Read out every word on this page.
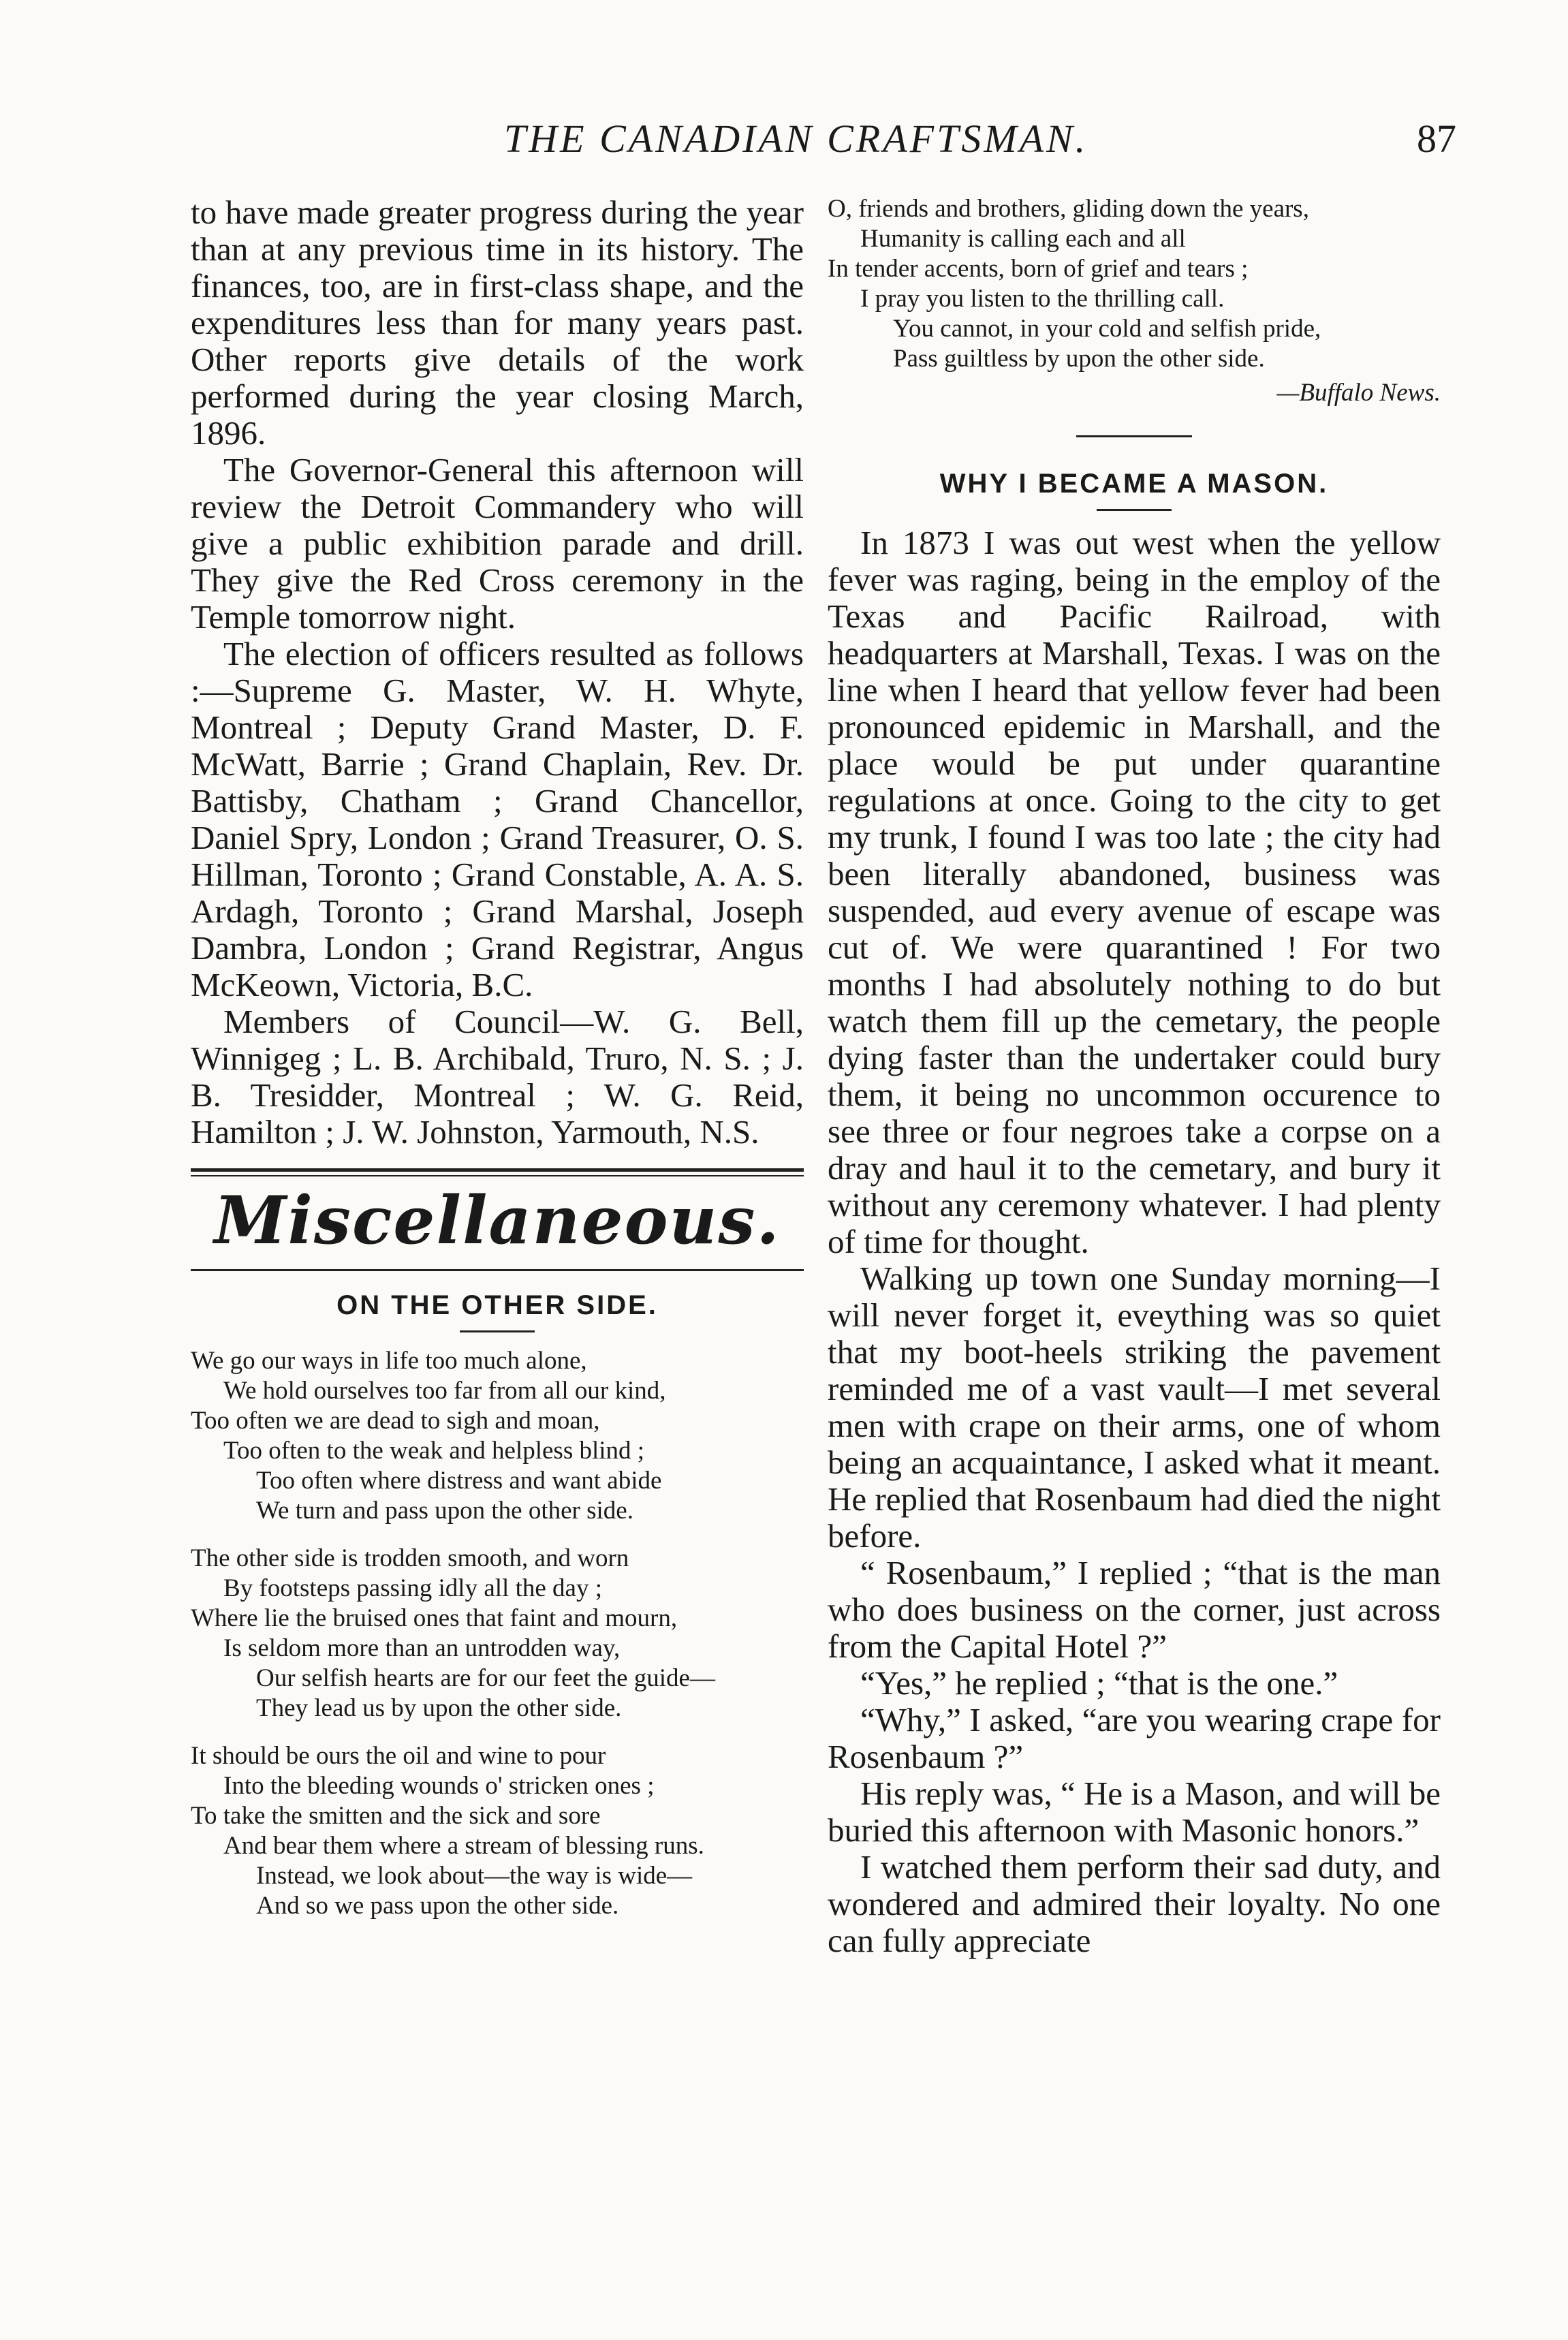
THE CANADIAN CRAFTSMAN.	87

to have made greater progress during the year than at any previous time in its history. The finances, too, are in first-class shape, and the expenditures less than for many years past. Other reports give details of the work performed during the year closing March, 1896.

The Governor-General this afternoon will review the Detroit Commandery who will give a public exhibition parade and drill. They give the Red Cross ceremony in the Temple tomorrow night.

The election of officers resulted as follows :—Supreme G. Master, W. H. Whyte, Montreal ; Deputy Grand Master, D. F. McWatt, Barrie ; Grand Chaplain, Rev. Dr. Battisby, Chatham ; Grand Chancellor, Daniel Spry, London ; Grand Treasurer, O. S. Hillman, Toronto ; Grand Constable, A. A. S. Ardagh, Toronto ; Grand Marshal, Joseph Dambra, London ; Grand Registrar, Angus McKeown, Victoria, B.C.

Members of Council—W. G. Bell, Winnigeg ; L. B. Archibald, Truro, N. S. ; J. B. Tresidder, Montreal ; W. G. Reid, Hamilton ; J. W. Johnston, Yarmouth, N.S.

Miscellaneous.
ON THE OTHER SIDE.
We go our ways in life too much alone,
We hold ourselves too far from all our kind,
Too often we are dead to sigh and moan,
Too often to the weak and helpless blind ;
Too often where distress and want abide
We turn and pass upon the other side.
The other side is trodden smooth, and worn
By footsteps passing idly all the day ;
Where lie the bruised ones that faint and mourn,
Is seldom more than an untrodden way,
Our selfish hearts are for our feet the guide—
They lead us by upon the other side.
It should be ours the oil and wine to pour
Into the bleeding wounds o' stricken ones ;
To take the smitten and the sick and sore
And bear them where a stream of blessing runs.
Instead, we look about—the way is wide—
And so we pass upon the other side.
O, friends and brothers, gliding down the years,
Humanity is calling each and all
In tender accents, born of grief and tears ;
I pray you listen to the thrilling call.
You cannot, in your cold and selfish pride,
Pass guiltless by upon the other side.
—Buffalo News.
WHY I BECAME A MASON.

In 1873 I was out west when the yellow fever was raging, being in the employ of the Texas and Pacific Railroad, with headquarters at Marshall, Texas. I was on the line when I heard that yellow fever had been pronounced epidemic in Marshall, and the place would be put under quarantine regulations at once. Going to the city to get my trunk, I found I was too late ; the city had been literally abandoned, business was suspended, aud every avenue of escape was cut of. We were quarantined ! For two months I had absolutely nothing to do but watch them fill up the cemetary, the people dying faster than the undertaker could bury them, it being no uncommon occurence to see three or four negroes take a corpse on a dray and haul it to the cemetary, and bury it without any ceremony whatever. I had plenty of time for thought.

Walking up town one Sunday morning—I will never forget it, eveything was so quiet that my boot-heels striking the pavement reminded me of a vast vault—I met several men with crape on their arms, one of whom being an acquaintance, I asked what it meant. He replied that Rosenbaum had died the night before.

“ Rosenbaum,” I replied ; “that is the man who does business on the corner, just across from the Capital Hotel ?”

“Yes,” he replied ; “that is the one.”

“Why,” I asked, “are you wearing crape for Rosenbaum ?”

His reply was, “ He is a Mason, and will be buried this afternoon with Masonic honors.”

I watched them perform their sad duty, and wondered and admired their loyalty. No one can fully appreciate
